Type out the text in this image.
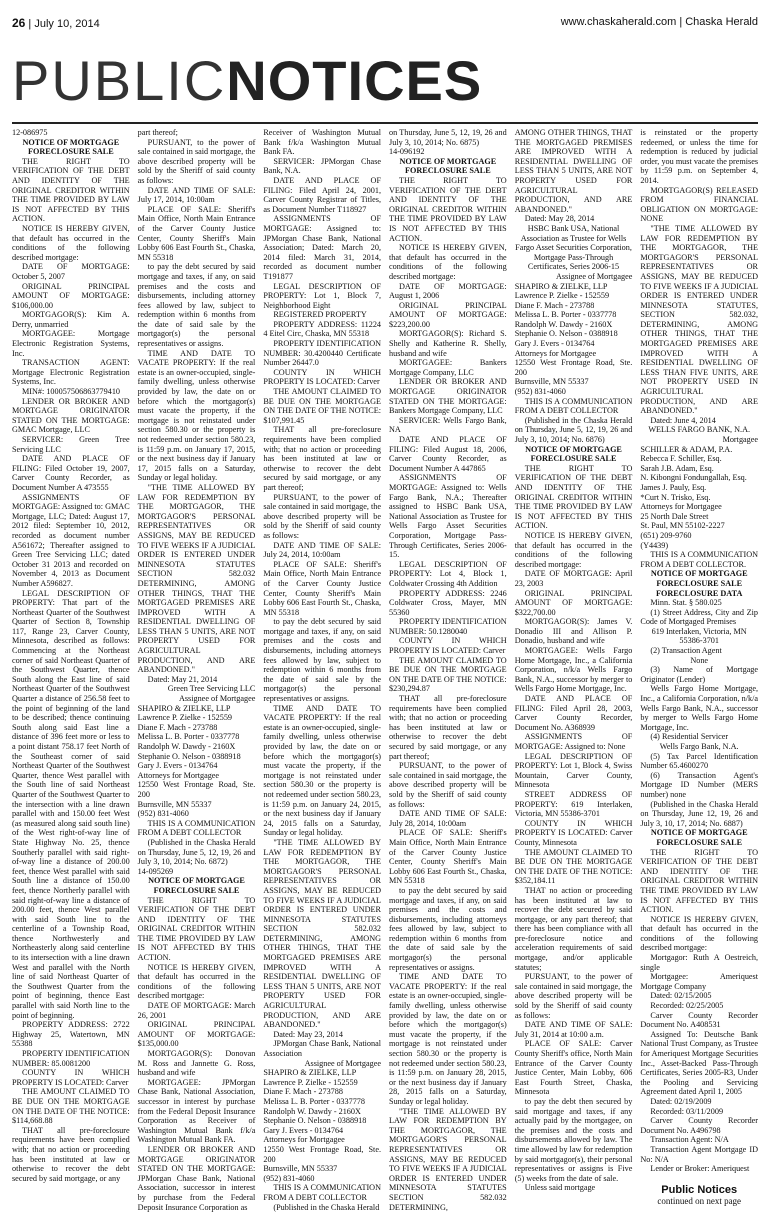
26 | July 10, 2014	www.chaskaherald.com | Chaska Herald
PUBLICNOTICES

12-086975

NOTICE OF MORTGAGE FORECLOSURE SALE

THE RIGHT TO VERIFICATION OF THE DEBT AND IDENTITY OF THE ORIGINAL CREDITOR WITHIN THE TIME PROVIDED BY LAW IS NOT AFFECTED BY THIS ACTION.

NOTICE IS HEREBY GIVEN, that default has occurred in the conditions of the following described mortgage:

DATE OF MORTGAGE: October 5, 2007

ORIGINAL PRINCIPAL AMOUNT OF MORTGAGE: $106,000.00

MORTGAGOR(S): Kim A. Derry, unmarried

MORTGAGEE: Mortgage Electronic Registration Systems, Inc.

TRANSACTION AGENT: Mortgage Electronic Registration Systems, Inc.

MIN#: 100057506863779410

LENDER OR BROKER AND MORTGAGE ORIGINATOR STATED ON THE MORTGAGE: GMAC Mortgage, LLC

SERVICER: Green Tree Servicing LLC

DATE AND PLACE OF FILING: Filed October 19, 2007, Carver County Recorder, as Document Number A 473555

ASSIGNMENTS OF MORTGAGE: Assigned to: GMAC Mortgage, LLC; Dated: August 17, 2012 filed: September 10, 2012, recorded as document number A561672; Thereafter assigned to Green Tree Servicing LLC; dated October 31 2013 and recorded on November 4, 2013 as Document Number A596827.

LEGAL DESCRIPTION OF PROPERTY: That part of the Northeast Quarter of the Southwest Quarter of Section 8, Township 117, Range 23, Carver County, Minnesota, described as follows: Commencing at the Northeast corner of said Northeast Quarter of the Southwest Quarter, thence South along the East line of said Northeast Quarter of the Southwest Quarter a distance of 256.58 feet to the point of beginning of the land to be described; thence continuing South along said East line a distance of 396 feet more or less to a point distant 758.17 feet North of the Southeast corner of said Northeast Quarter of the Southwest Quarter, thence West parallel with the South line of said Northeast Quarter of the Southwest Quarter to the intersection with a line drawn parallel with and 150.00 feet West (as measured along said south line) of the West right-of-way line of State Highway No. 25, thence Southerly parallel with said right-of-way line a distance of 200.00 feet, thence West parallel with said South line a distance of 150.00 feet, thence Northerly parallel with said right-of-way line a distance of 200.00 feet, thence West parallel with said South line to the centerline of a Township Road, thence Northwesterly and Northeasterly along said centerline to its intersection with a line drawn West and parallel with the North line of said Northeast Quarter of the Southwest Quarter from the point of beginning, thence East parallel with said North line to the point of beginning.

PROPERTY ADDRESS: 2722 Highway 25, Watertown, MN 55388

PROPERTY IDENTIFICATION NUMBER: 85.0081200

COUNTY IN WHICH PROPERTY IS LOCATED: Carver

THE AMOUNT CLAIMED TO BE DUE ON THE MORTGAGE ON THE DATE OF THE NOTICE: $114,668.88

THAT all pre-foreclosure requirements have been complied with; that no action or proceeding has been instituted at law or otherwise to recover the debt secured by said mortgage, or any

part thereof;

PURSUANT, to the power of sale contained in said mortgage, the above described property will be sold by the Sheriff of said county as follows:

DATE AND TIME OF SALE: July 17, 2014, 10:00am

PLACE OF SALE: Sheriff's Main Office, North Main Entrance of the Carver County Justice Center, County Sheriff's Main Lobby 606 East Fourth St., Chaska, MN 55318

to pay the debt secured by said mortgage and taxes, if any, on said premises and the costs and disbursements, including attorney fees allowed by law, subject to redemption within 6 months from the date of said sale by the mortgagor(s) the personal representatives or assigns.

TIME AND DATE TO VACATE PROPERTY: If the real estate is an owner-occupied, single-family dwelling, unless otherwise provided by law, the date on or before which the mortgagor(s) must vacate the property, if the mortgage is not reinstated under section 580.30 or the property is not redeemed under section 580.23, is 11:59 p.m. on January 17, 2015, or the next business day if January 17, 2015 falls on a Saturday, Sunday or legal holiday.

"THE TIME ALLOWED BY LAW FOR REDEMPTION BY THE MORTGAGOR, THE MORTGAGOR'S PERSONAL REPRESENTATIVES OR ASSIGNS, MAY BE REDUCED TO FIVE WEEKS IF A JUDICIAL ORDER IS ENTERED UNDER MINNESOTA STATUTES SECTION 582.032 DETERMINING, AMONG OTHER THINGS, THAT THE MORTGAGED PREMISES ARE IMPROVED WITH A RESIDENTIAL DWELLING OF LESS THAN 5 UNITS, ARE NOT PROPERTY USED FOR AGRICULTURAL PRODUCTION, AND ARE ABANDONED."

Dated: May 21, 2014

Green Tree Servicing LLC

Assignee of Mortgagee

SHAPIRO & ZIELKE, LLP

Lawrence P. Zielke - 152559

Diane F. Mach - 273788

Melissa L. B. Porter - 0337778

Randolph W. Dawdy - 2160X

Stephanie O. Nelson - 0388918

Gary J. Evers - 0134764

Attorneys for Mortgagee

12550 West Frontage Road, Ste. 200

Burnsville, MN 55337

(952) 831-4060

THIS IS A COMMUNICATION FROM A DEBT COLLECTOR

(Published in the Chaska Herald on Thursday, June 5, 12, 19, 26 and July 3, 10, 2014; No. 6872)

14-095269

NOTICE OF MORTGAGE FORECLOSURE SALE

THE RIGHT TO VERIFICATION OF THE DEBT AND IDENTITY OF THE ORIGINAL CREDITOR WITHIN THE TIME PROVIDED BY LAW IS NOT AFFECTED BY THIS ACTION.

NOTICE IS HEREBY GIVEN, that default has occurred in the conditions of the following described mortgage:

DATE OF MORTGAGE: March 26, 2001

ORIGINAL PRINCIPAL AMOUNT OF MORTGAGE: $135,000.00

MORTGAGOR(S): Donovan M. Ross and Jannette G. Ross, husband and wife

MORTGAGEE: JPMorgan Chase Bank, National Association, successor in interest by purchase from the Federal Deposit Insurance Corporation as Receiver of Washington Mutual Bank f/k/a Washington Mutual Bank FA.

LENDER OR BROKER AND MORTGAGE ORIGINATOR STATED ON THE MORTGAGE: JPMorgan Chase Bank, National Association, successor in interest by purchase from the Federal Deposit Insurance Corporation as

Receiver of Washington Mutual Bank f/k/a Washington Mutual Bank FA.

SERVICER: JPMorgan Chase Bank, N.A.

DATE AND PLACE OF FILING: Filed April 24, 2001, Carver County Registrar of Titles, as Document Number T118927

ASSIGNMENTS OF MORTGAGE: Assigned to: JPMorgan Chase Bank, National Association; Dated: March 20, 2014 filed: March 31, 2014, recorded as document number T191877

LEGAL DESCRIPTION OF PROPERTY: Lot 1, Block 7, Neighborhood Eight

REGISTERED PROPERTY

PROPERTY ADDRESS: 11224 4 Eitel Circ, Chaska, MN 55318

PROPERTY IDENTIFICATION NUMBER: 30.4200440 Certificate Number 26447.0

COUNTY IN WHICH PROPERTY IS LOCATED: Carver

THE AMOUNT CLAIMED TO BE DUE ON THE MORTGAGE ON THE DATE OF THE NOTICE: $107,991.45

THAT all pre-foreclosure requirements have been complied with; that no action or proceeding has been instituted at law or otherwise to recover the debt secured by said mortgage, or any part thereof;

PURSUANT, to the power of sale contained in said mortgage, the above described property will be sold by the Sheriff of said county as follows:

DATE AND TIME OF SALE: July 24, 2014, 10:00am

PLACE OF SALE: Sheriff's Main Office, North Main Entrance of the Carver County Justice Center, County Sheriff's Main Lobby 606 East Fourth St., Chaska, MN 55318

to pay the debt secured by said mortgage and taxes, if any, on said premises and the costs and disbursements, including attorneys fees allowed by law, subject to redemption within 6 months from the date of said sale by the mortgagor(s) the personal representatives or assigns.

TIME AND DATE TO VACATE PROPERTY: If the real estate is an owner-occupied, single-family dwelling, unless otherwise provided by law, the date on or before which the mortgagor(s) must vacate the property, if the mortgage is not reinstated under section 580.30 or the property is not redeemed under section 580.23, is 11:59 p.m. on January 24, 2015, or the next business day if January 24, 2015 falls on a Saturday, Sunday or legal holiday.

"THE TIME ALLOWED BY LAW FOR REDEMPTION BY THE MORTGAGOR, THE MORTGAGOR'S PERSONAL REPRESENTATIVES OR ASSIGNS, MAY BE REDUCED TO FIVE WEEKS IF A JUDICIAL ORDER IS ENTERED UNDER MINNESOTA STATUTES SECTION 582.032 DETERMINING, AMONG OTHER THINGS, THAT THE MORTGAGED PREMISES ARE IMPROVED WITH A RESIDENTIAL DWELLING OF LESS THAN 5 UNITS, ARE NOT PROPERTY USED FOR AGRICULTURAL PRODUCTION, AND ARE ABANDONED."

Dated: May 23, 2014

JPMorgan Chase Bank, National Association

Assignee of Mortgagee

SHAPIRO & ZIELKE, LLP

Lawrence P. Zielke - 152559

Diane F. Mach - 273788

Melissa L. B. Porter - 0337778

Randolph W. Dawdy - 2160X

Stephanie O. Nelson - 0388918

Gary J. Evers - 0134764

Attorneys for Mortgagee

12550 West Frontage Road, Ste. 200

Burnsville, MN 55337

(952) 831-4060

THIS IS A COMMUNICATION FROM A DEBT COLLECTOR

(Published in the Chaska Herald

on Thursday, June 5, 12, 19, 26 and July 3, 10, 2014; No. 6875)

14-096192

NOTICE OF MORTGAGE FORECLOSURE SALE

THE RIGHT TO VERIFICATION OF THE DEBT AND IDENTITY OF THE ORIGINAL CREDITOR WITHIN THE TIME PROVIDED BY LAW IS NOT AFFECTED BY THIS ACTION.

NOTICE IS HEREBY GIVEN, that default has occurred in the conditions of the following described mortgage:

DATE OF MORTGAGE: August 1, 2006

ORIGINAL PRINCIPAL AMOUNT OF MORTGAGE: $223,200.00

MORTGAGOR(S): Richard S. Shelly and Katherine R. Shelly, husband and wife

MORTGAGEE: Bankers Mortgage Company, LLC

LENDER OR BROKER AND MORTGAGE ORIGINATOR STATED ON THE MORTGAGE: Bankers Mortgage Company, LLC

SERVICER: Wells Fargo Bank, NA

DATE AND PLACE OF FILING: Filed August 18, 2006, Carver County Recorder, as Document Number A 447865

ASSIGNMENTS OF MORTGAGE: Assigned to: Wells Fargo Bank, N.A.; Thereafter assigned to HSBC Bank USA, National Association as Trustee for Wells Fargo Asset Securities Corporation, Mortgage Pass-Through Certificates, Series 2006-15.

LEGAL DESCRIPTION OF PROPERTY: Lot 4, Block 1, Coldwater Crossing 4th Addition

PROPERTY ADDRESS: 2246 Coldwater Cross, Mayer, MN 55360

PROPERTY IDENTIFICATION NUMBER: 50.1280040

COUNTY IN WHICH PROPERTY IS LOCATED: Carver

THE AMOUNT CLAIMED TO BE DUE ON THE MORTGAGE ON THE DATE OF THE NOTICE: $230,294.87

THAT all pre-foreclosure requirements have been complied with; that no action or proceeding has been instituted at law or otherwise to recover the debt secured by said mortgage, or any part thereof;

PURSUANT, to the power of sale contained in said mortgage, the above described property will be sold by the Sheriff of said county as follows:

DATE AND TIME OF SALE: July 28, 2014, 10:00am

PLACE OF SALE: Sheriff's Main Office, North Main Entrance of the Carver County Justice Center, County Sheriff's Main Lobby 606 East Fourth St., Chaska, MN 55318

to pay the debt secured by said mortgage and taxes, if any, on said premises and the costs and disbursements, including attorneys fees allowed by law, subject to redemption within 6 months from the date of said sale by the mortgagor(s) the personal representatives or assigns.

TIME AND DATE TO VACATE PROPERTY: If the real estate is an owner-occupied, single-family dwelling, unless otherwise provided by law, the date on or before which the mortgagor(s) must vacate the property, if the mortgage is not reinstated under section 580.30 or the property is not redeemed under section 580.23, is 11:59 p.m. on January 28, 2015, or the next business day if January 28, 2015 falls on a Saturday, Sunday or legal holiday.

"THE TIME ALLOWED BY LAW FOR REDEMPTION BY THE MORTGAGOR, THE MORTGAGOR'S PERSONAL REPRESENTATIVES OR ASSIGNS, MAY BE REDUCED TO FIVE WEEKS IF A JUDICIAL ORDER IS ENTERED UNDER MINNESOTA STATUTES SECTION 582.032 DETERMINING,

AMONG OTHER THINGS, THAT THE MORTGAGED PREMISES ARE IMPROVED WITH A RESIDENTIAL DWELLING OF LESS THAN 5 UNITS, ARE NOT PROPERTY USED FOR AGRICULTURAL PRODUCTION, AND ARE ABANDONED."

Dated: May 28, 2014

HSBC Bank USA, National Association as Trustee for Wells Fargo Asset Securities Corporation, Mortgage Pass-Through Certificates, Series 2006-15

Assignee of Mortgagee

SHAPIRO & ZIELKE, LLP

Lawrence P. Zielke - 152559

Diane F. Mach - 273788

Melissa L. B. Porter - 0337778

Randolph W. Dawdy - 2160X

Stephanie O. Nelson - 0388918

Gary J. Evers - 0134764

Attorneys for Mortgagee

12550 West Frontage Road, Ste. 200

Burnsville, MN 55337

(952) 831-4060

THIS IS A COMMUNICATION FROM A DEBT COLLECTOR

(Published in the Chaska Herald on Thursday, June 5, 12, 19, 26 and July 3, 10, 2014; No. 6876)

NOTICE OF MORTGAGE FORECLOSURE SALE

THE RIGHT TO VERIFICATION OF THE DEBT AND IDENTITY OF THE ORIGINAL CREDITOR WITHIN THE TIME PROVIDED BY LAW IS NOT AFFECTED BY THIS ACTION.

NOTICE IS HEREBY GIVEN, that default has occurred in the conditions of the following described mortgage:

DATE OF MORTGAGE: April 23, 2003

ORIGINAL PRINCIPAL AMOUNT OF MORTGAGE: $322,700.00

MORTGAGOR(S): James V. Donadio III and Allison P. Donadio, husband and wife

MORTGAGEE: Wells Fargo Home Mortgage, Inc., a California Corporation, n/k/a Wells Fargo Bank, N.A., successor by merger to Wells Fargo Home Mortgage, Inc.

DATE AND PLACE OF FILING: Filed April 28, 2003, Carver County Recorder, Document No. A368939

ASSIGNMENTS OF MORTGAGE: Assigned to: None

LEGAL DESCRIPTION OF PROPERTY: Lot 1, Block 4, Swiss Mountain, Carver County, Minnesota

STREET ADDRESS OF PROPERTY: 619 Interlaken, Victoria, MN 55386-3701

COUNTY IN WHICH PROPERTY IS LOCATED: Carver County, Minnesota

THE AMOUNT CLAIMED TO BE DUE ON THE MORTGAGE ON THE DATE OF THE NOTICE: $352,184.11

THAT no action or proceeding has been instituted at law to recover the debt secured by said mortgage, or any part thereof; that there has been compliance with all pre-foreclosure notice and acceleration requirements of said mortgage, and/or applicable statutes;

PURSUANT, to the power of sale contained in said mortgage, the above described property will be sold by the Sheriff of said county as follows:

DATE AND TIME OF SALE: July 31, 2014 at 10:00 a.m.

PLACE OF SALE: Carver County Sheriff's office, North Main Entrance of the Carver County Justice Center, Main Lobby, 606 East Fourth Street, Chaska, Minnesota

to pay the debt then secured by said mortgage and taxes, if any actually paid by the mortgagee, on the premises and the costs and disbursements allowed by law. The time allowed by law for redemption by said mortgagor(s), their personal representatives or assigns is Five (5) weeks from the date of sale.

Unless said mortgage

is reinstated or the property redeemed, or unless the time for redemption is reduced by judicial order, you must vacate the premises by 11:59 p.m. on September 4, 2014.

MORTGAGOR(S) RELEASED FROM FINANCIAL OBLIGATION ON MORTGAGE: NONE

"THE TIME ALLOWED BY LAW FOR REDEMPTION BY THE MORTGAGOR, THE MORTGAGOR'S PERSONAL REPRESENTATIVES OR ASSIGNS, MAY BE REDUCED TO FIVE WEEKS IF A JUDICIAL ORDER IS ENTERED UNDER MINNESOTA STATUTES, SECTION 582.032, DETERMINING, AMONG OTHER THINGS, THAT THE MORTGAGED PREMISES ARE IMPROVED WITH A RESIDENTIAL DWELLING OF LESS THAN FIVE UNITS, ARE NOT PROPERTY USED IN AGRICULTURAL PRODUCTION, AND ARE ABANDONED."

Dated: June 4, 2014

WELLS FARGO BANK, N.A.

Mortgagee

SCHILLER & ADAM, P.A.

Rebecca F. Schiller, Esq.

Sarah J.B. Adam, Esq.

N. Kibongni Fondungallah, Esq.

James J. Pauly, Esq.

*Curt N. Trisko, Esq.

Attorneys for Mortgagee

25 North Dale Street

St. Paul, MN 55102-2227

(651) 209-9760

(Y4439)

THIS IS A COMMUNICATION FROM A DEBT COLLECTOR.

NOTICE OF MORTGAGE FORECLOSURE SALE FORECLOSURE DATA

Minn. Stat. § 580.025

(1) Street Address, City and Zip Code of Mortgaged Premises

619 Interlaken, Victoria, MN 55386-3701

(2) Transaction Agent

None

(3) Name of Mortgage Originator (Lender)

Wells Fargo Home Mortgage, Inc., a California Corporation, n/k/a Wells Fargo Bank, N.A., successor by merger to Wells Fargo Home Mortgage, Inc.

(4) Residential Servicer

Wells Fargo Bank, N.A.

(5) Tax Parcel Identification Number 65.4600270

(6) Transaction Agent's Mortgage ID Number (MERS number) none

(Published in the Chaska Herald on Thursday, June 12, 19, 26 and July 3, 10, 17, 2014; No. 6887)

NOTICE OF MORTGAGE FORECLOSURE SALE

THE RIGHT TO VERIFICATION OF THE DEBT AND IDENTITY OF THE ORIGINAL CREDITOR WITHIN THE TIME PROVIDED BY LAW IS NOT AFFECTED BY THIS ACTION.

NOTICE IS HEREBY GIVEN, that default has occurred in the conditions of the following described mortgage:

Mortgagor: Ruth A Oestreich, single

Mortgagee: Ameriquest Mortgage Company

Dated: 02/15/2005

Recorded: 02/25/2005

Carver County Recorder Document No. A408531

Assigned To: Deutsche Bank National Trust Company, as Trustee for Ameriquest Mortgage Securities Inc., Asset-Backed Pass-Through Certificates, Series 2005-R3, Under the Pooling and Servicing Agreement dated April 1, 2005

Dated: 02/19/2009

Recorded: 03/11/2009

Carver County Recorder Document No. A496798

Transaction Agent: N/A

Transaction Agent Mortgage ID No: N/A

Lender or Broker: Ameriquest

Public Notices
continued on next page
